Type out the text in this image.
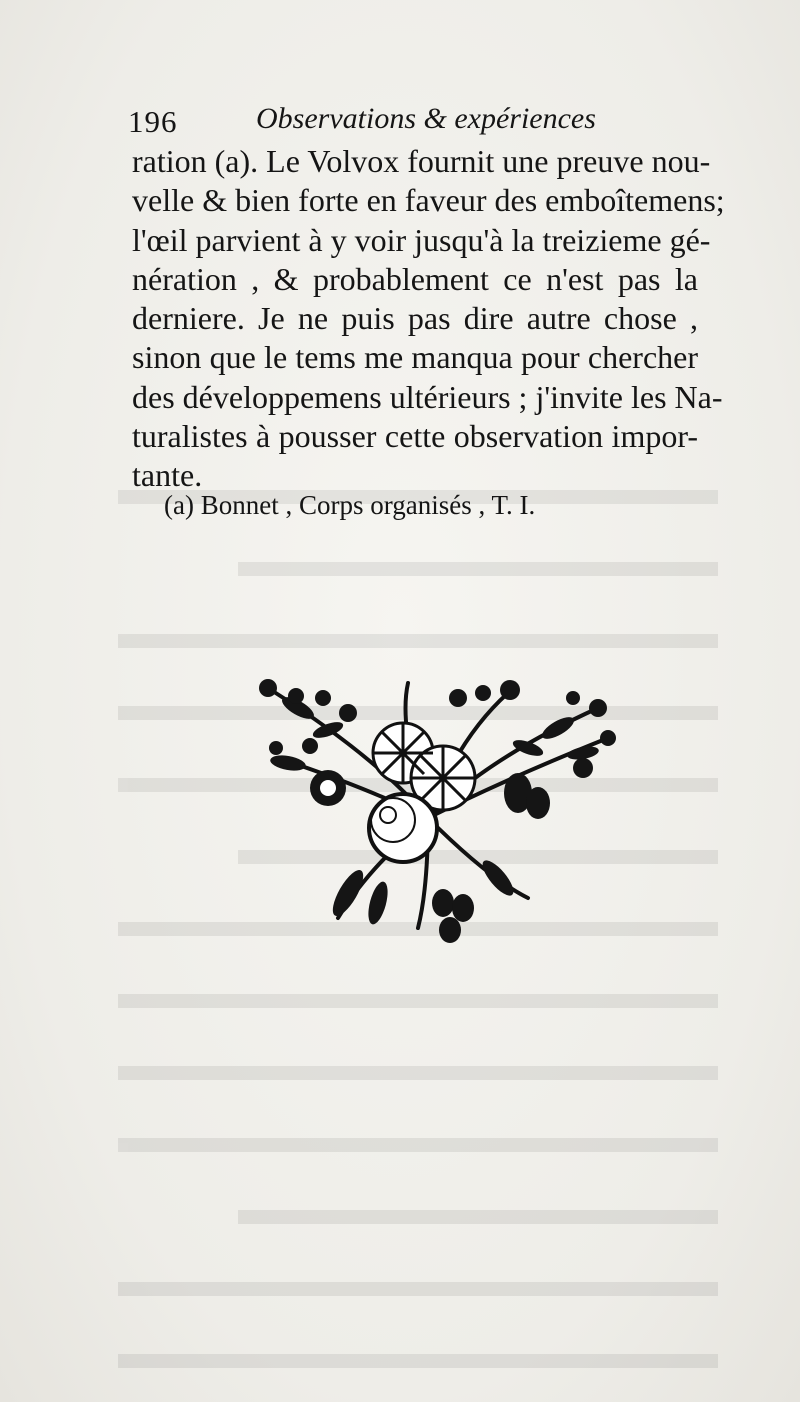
196	Observations & expériences
ration (a). Le Volvox fournit une preuve nou-
velle & bien forte en faveur des emboîtemens;
l'œil parvient à y voir jusqu'à la treizieme gé-
nération , & probablement ce n'est pas la
derniere. Je ne puis pas dire autre chose ,
sinon que le tems me manqua pour chercher
des développemens ultérieurs ; j'invite les Na-
turalistes à pousser cette observation impor-
tante.
(a) Bonnet , Corps organisés , T. I.
